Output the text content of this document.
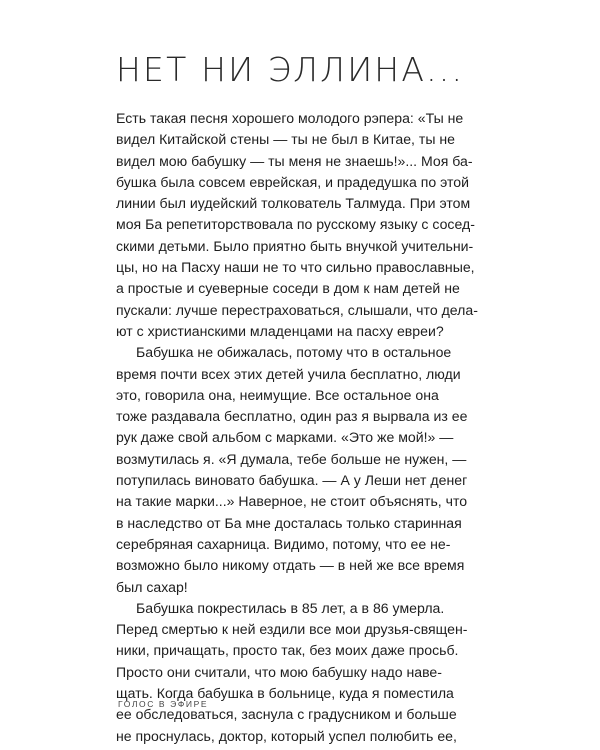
НЕТ НИ ЭЛЛИНА...
Есть такая песня хорошего молодого рэпера: «Ты не
видел Китайской стены — ты не был в Китае, ты не
видел мою бабушку — ты меня не знаешь!»... Моя ба-
бушка была совсем еврейская, и прадедушка по этой
линии был иудейский толкователь Талмуда. При этом
моя Ба репетиторствовала по русскому языку с сосед-
скими детьми. Было приятно быть внучкой учительни-
цы, но на Пасху наши не то что сильно православные,
а простые и суеверные соседи в дом к нам детей не
пускали: лучше перестраховаться, слышали, что дела-
ют с христианскими младенцами на пасху евреи?
Бабушка не обижалась, потому что в остальное
время почти всех этих детей учила бесплатно, люди
это, говорила она, неимущие. Все остальное она
тоже раздавала бесплатно, один раз я вырвала из ее
рук даже свой альбом с марками. «Это же мой!» —
возмутилась я. «Я думала, тебе больше не нужен, —
потупилась виновато бабушка. — А у Леши нет денег
на такие марки...» Наверное, не стоит объяснять, что
в наследство от Ба мне досталась только старинная
серебряная сахарница. Видимо, потому, что ее не-
возможно было никому отдать — в ней же все время
был сахар!
Бабушка покрестилась в 85 лет, а в 86 умерла.
Перед смертью к ней ездили все мои друзья-священ-
ники, причащать, просто так, без моих даже просьб.
Просто они считали, что мою бабушку надо наве-
щать. Когда бабушка в больнице, куда я поместила
ее обследоваться, заснула с градусником и больше
не проснулась, доктор, который успел полюбить ее,
ГОЛОС В ЭФИРЕ
